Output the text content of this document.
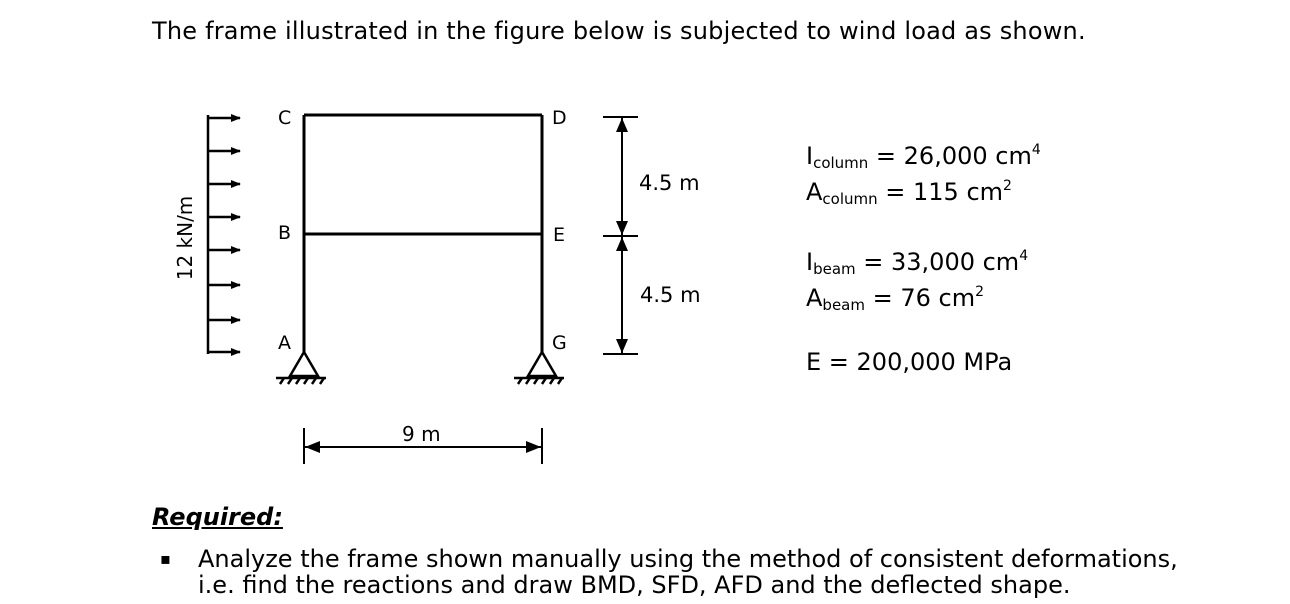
The frame illustrated in the figure below is subjected to wind load as shown.
12 kN/m
C	D
B	E
A	G
4.5 m
4.5 m
9 m
$I_{column} = 26,000$ $cm^4$
$A_{column} = 115$ $cm^2$
$I_{beam} = 33,000$ $cm^4$
$A_{beam} = 76$ $cm^2$
E = 200,000 MPa
Required:
▪ Analyze the frame shown manually using the method of consistent deformations,
i.e. find the reactions and draw BMD, SFD, AFD and the deflected shape.
